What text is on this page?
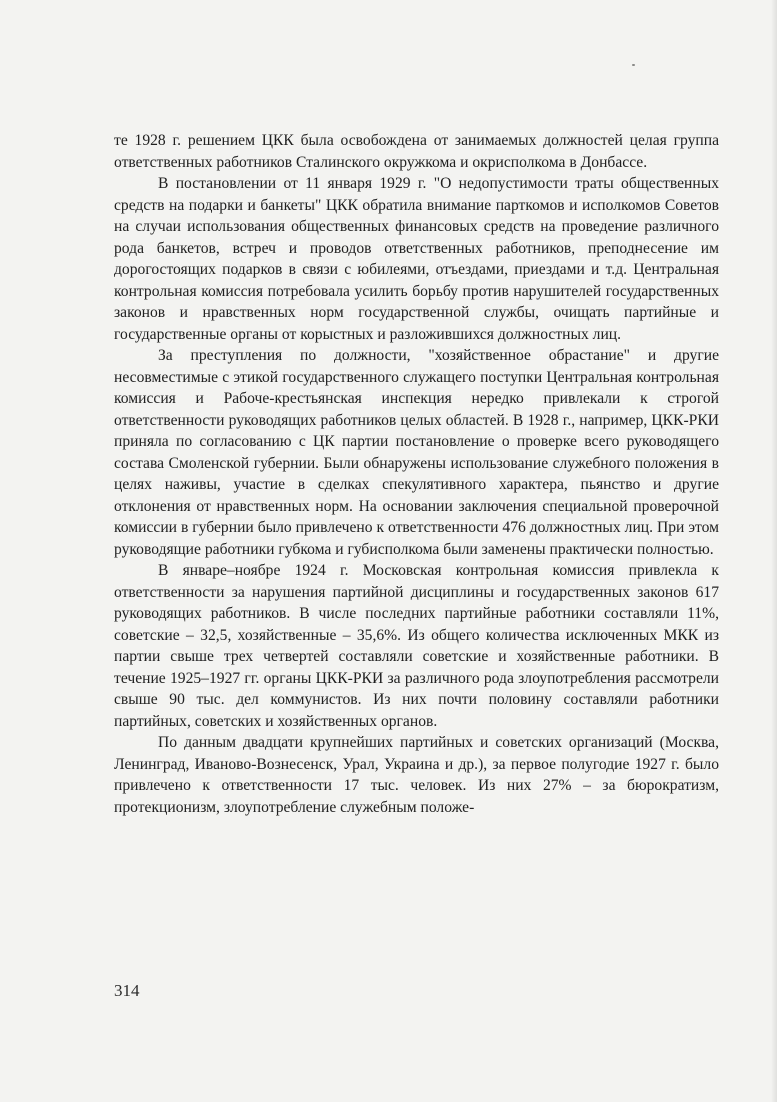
те 1928 г. решением ЦКК была освобождена от занимаемых должностей целая группа ответственных работников Сталинского окружкома и окрисполкома в Донбассе.

В постановлении от 11 января 1929 г. "О недопустимости траты общественных средств на подарки и банкеты" ЦКК обратила внимание парткомов и исполкомов Советов на случаи использования общественных финансовых средств на проведение различного рода банкетов, встреч и проводов ответственных работников, преподнесение им дорогостоящих подарков в связи с юбилеями, отъездами, приездами и т.д. Центральная контрольная комиссия потребовала усилить борьбу против нарушителей государственных законов и нравственных норм государственной службы, очищать партийные и государственные органы от корыстных и разложившихся должностных лиц.

За преступления по должности, "хозяйственное обрастание" и другие несовместимые с этикой государственного служащего поступки Центральная контрольная комиссия и Рабоче-крестьянская инспекция нередко привлекали к строгой ответственности руководящих работников целых областей. В 1928 г., например, ЦКК-РКИ приняла по согласованию с ЦК партии постановление о проверке всего руководящего состава Смоленской губернии. Были обнаружены использование служебного положения в целях наживы, участие в сделках спекулятивного характера, пьянство и другие отклонения от нравственных норм. На основании заключения специальной проверочной комиссии в губернии было привлечено к ответственности 476 должностных лиц. При этом руководящие работники губкома и губисполкома были заменены практически полностью.

В январе–ноябре 1924 г. Московская контрольная комиссия привлекла к ответственности за нарушения партийной дисциплины и государственных законов 617 руководящих работников. В числе последних партийные работники составляли 11%, советские – 32,5, хозяйственные – 35,6%. Из общего количества исключенных МКК из партии свыше трех четвертей составляли советские и хозяйственные работники. В течение 1925–1927 гг. органы ЦКК-РКИ за различного рода злоупотребления рассмотрели свыше 90 тыс. дел коммунистов. Из них почти половину составляли работники партийных, советских и хозяйственных органов.

По данным двадцати крупнейших партийных и советских организаций (Москва, Ленинград, Иваново-Вознесенск, Урал, Украина и др.), за первое полугодие 1927 г. было привлечено к ответственности 17 тыс. человек. Из них 27% – за бюрократизм, протекционизм, злоупотребление служебным положе-

314
